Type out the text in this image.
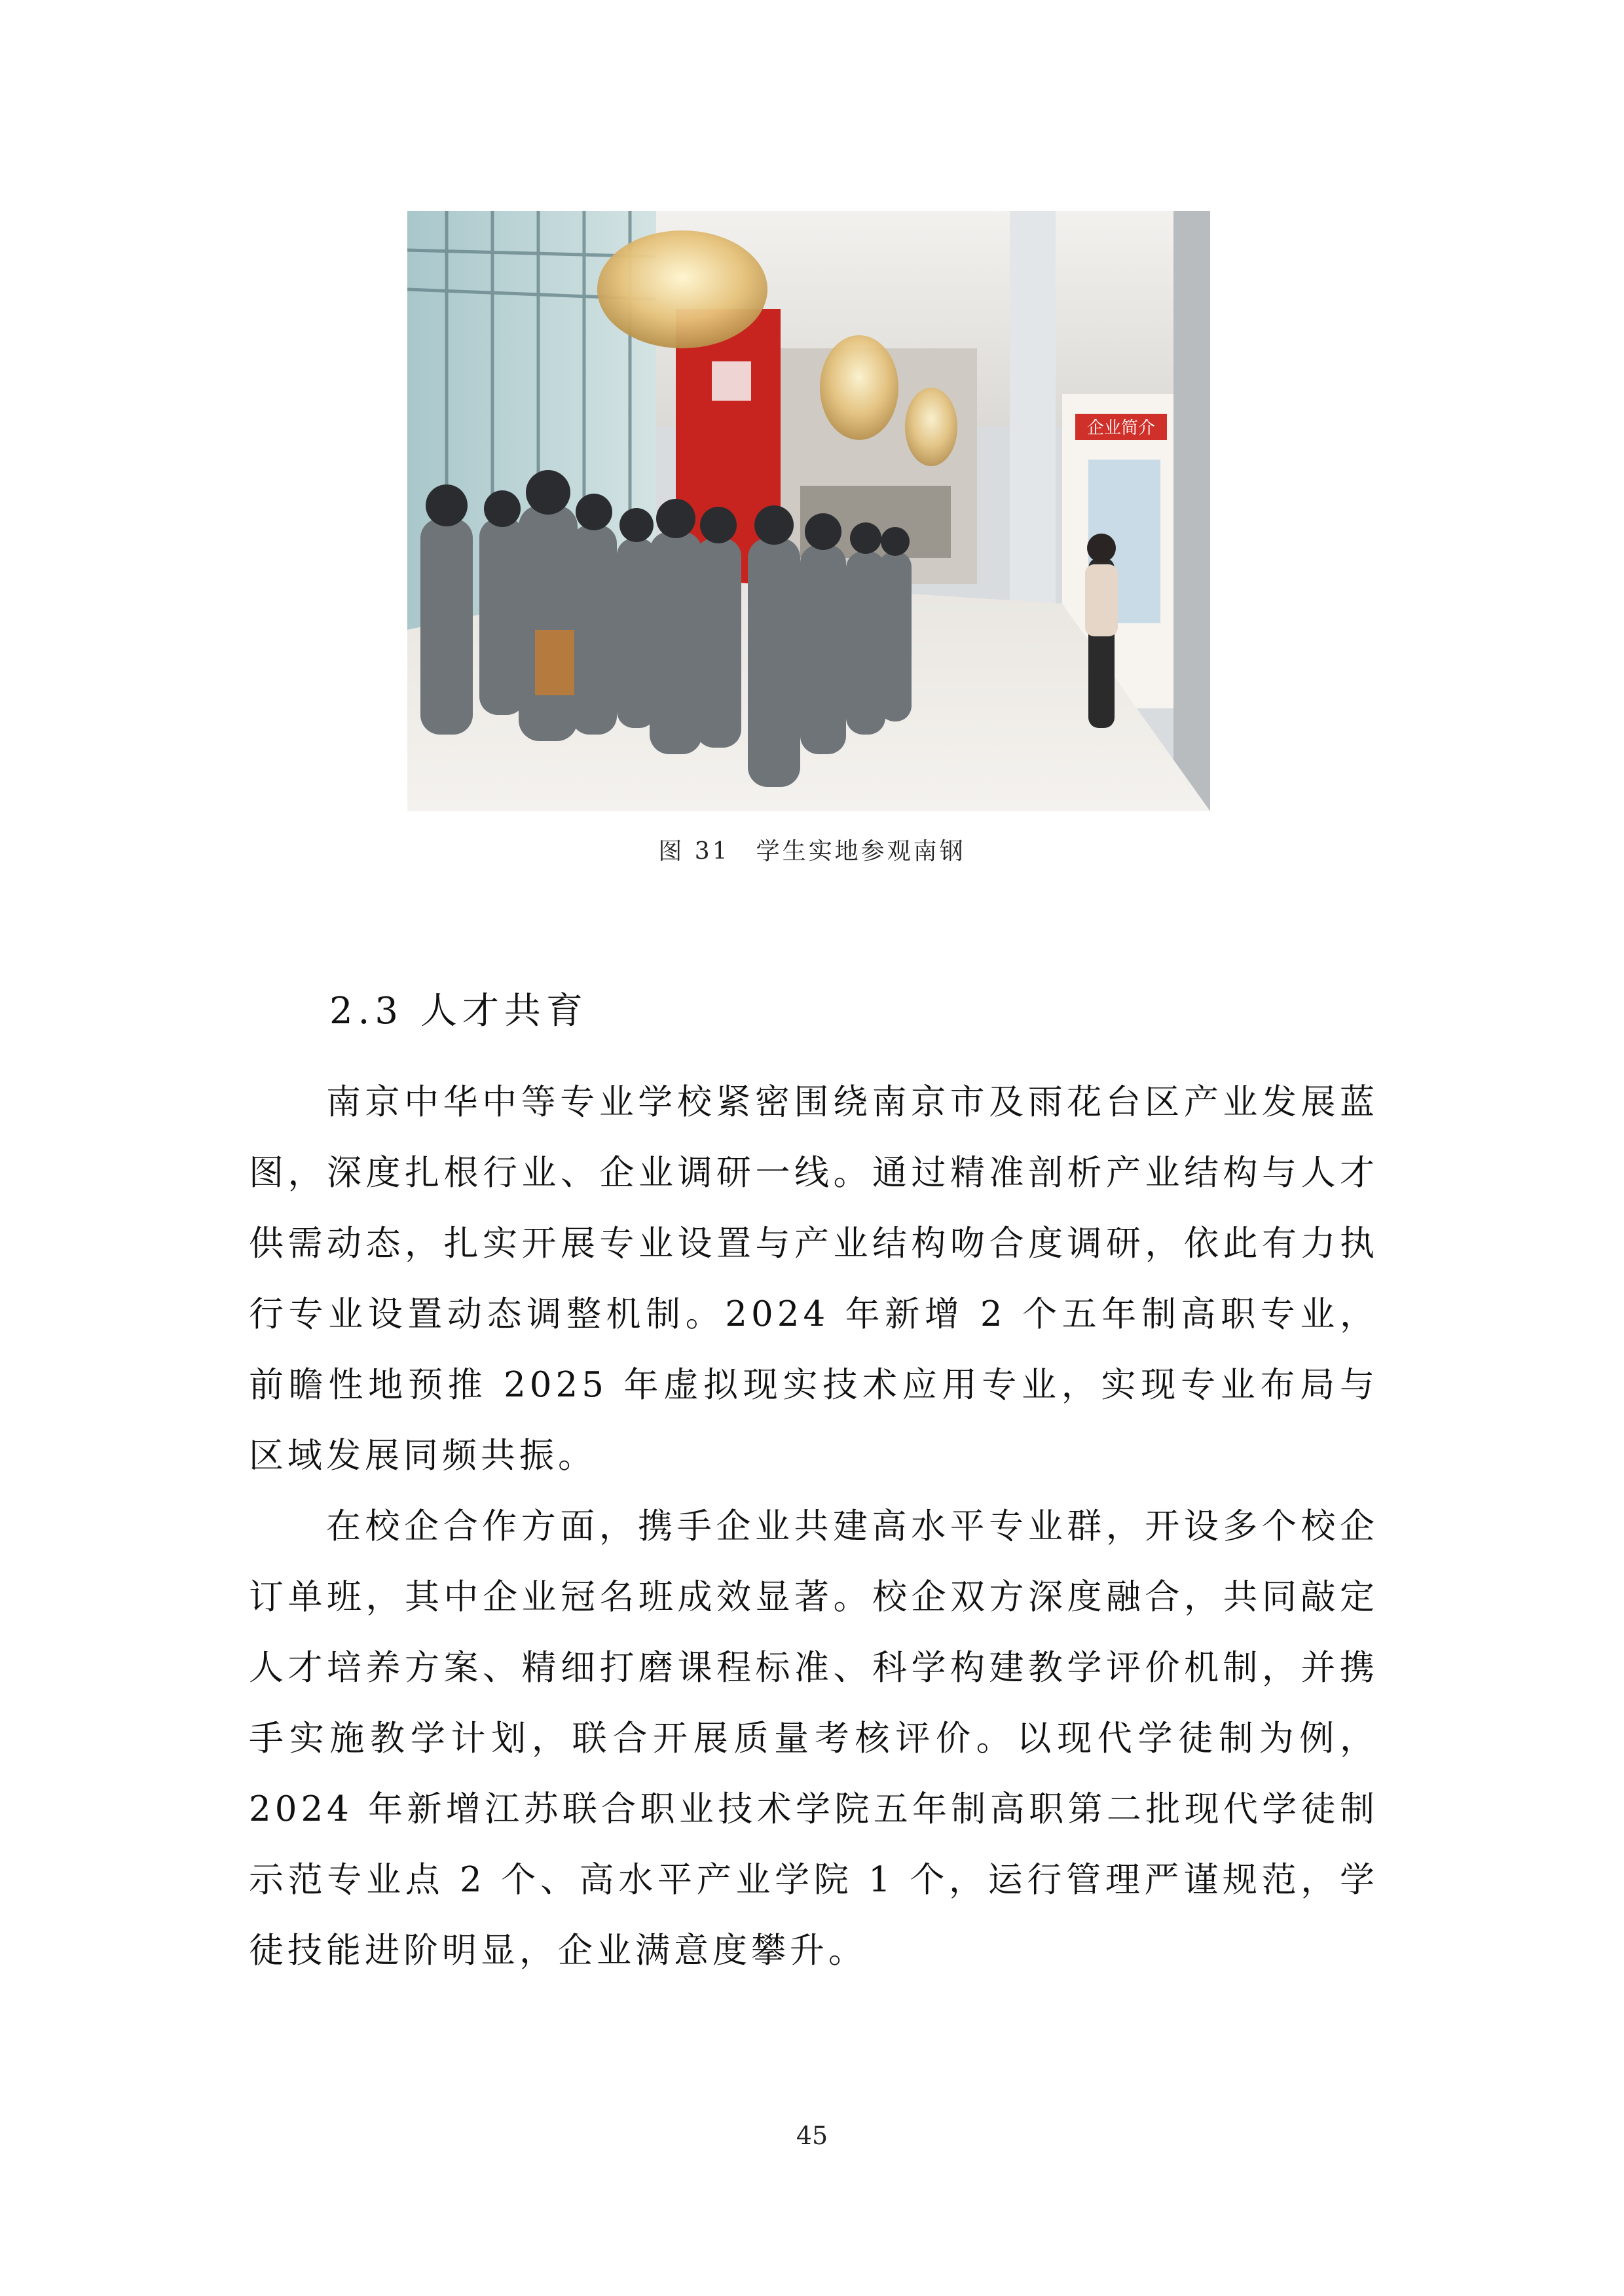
企业简介
图 31　学生实地参观南钢
2.3 人才共育

南京中华中等专业学校紧密围绕南京市及雨花台区产业发展蓝图，深度扎根行业、企业调研一线。通过精准剖析产业结构与人才供需动态，扎实开展专业设置与产业结构吻合度调研，依此有力执行专业设置动态调整机制。2024 年新增 2 个五年制高职专业，前瞻性地预推 2025 年虚拟现实技术应用专业，实现专业布局与区域发展同频共振。

在校企合作方面，携手企业共建高水平专业群，开设多个校企订单班，其中企业冠名班成效显著。校企双方深度融合，共同敲定人才培养方案、精细打磨课程标准、科学构建教学评价机制，并携手实施教学计划，联合开展质量考核评价。以现代学徒制为例，2024 年新增江苏联合职业技术学院五年制高职第二批现代学徒制示范专业点 2 个、高水平产业学院 1 个，运行管理严谨规范，学徒技能进阶明显，企业满意度攀升。

45
